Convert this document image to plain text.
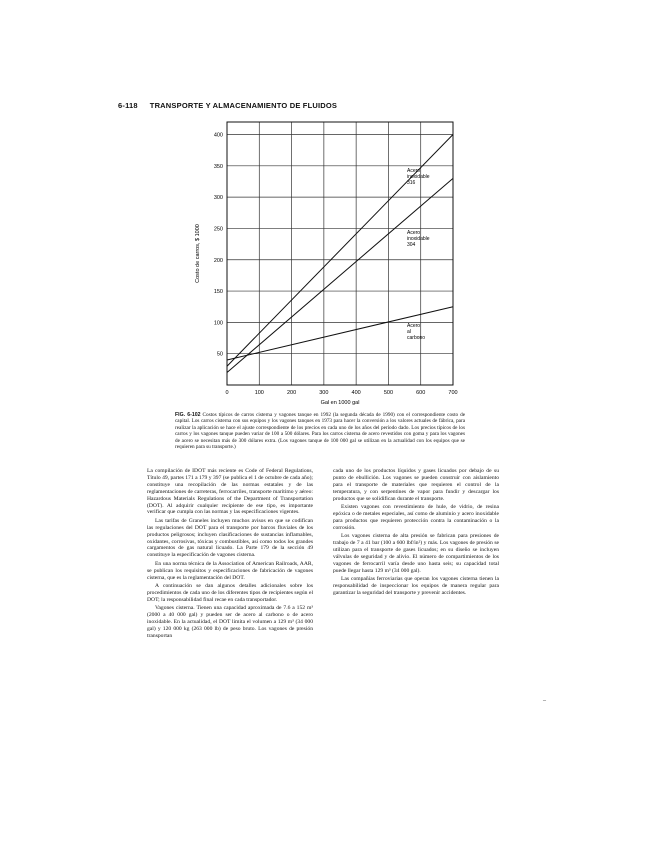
6-118 TRANSPORTE Y ALMACENAMIENTO DE FLUIDOS
0	100	200	300	400	500	600	700
50
100
150
200
250
300
350
400
Gal en 1000 gal
Costo de carros, $ 1000
Acero inoxidable 316
Acero inoxidable 304
Acero al carbono
FIG. 6-102 Costos típicos de carros cisterna y vagones tanque en 1992 (la segunda década de 1990) con el correspondiente costo de capital. Los carros cisterna con sus equipos y los vagones tanques en 1973 para hacer la conversión a los valores actuales de fábrica, para realizar la aplicación se hace el ajuste correspondiente de los precios en cada uno de los años del período dado. Los precios típicos de los carros y los vagones tanque pueden variar de 100 a 500 dólares. Para los carros cisterna de acero revestidos con goma y para los vagones de acero se necesitan más de 300 dólares extra. (Los vagones tanque de 100 000 gal se utilizan en la actualidad con los equipos que se requieren para su transporte.)

La compilación de IDOT más reciente es Code of Federal Regulations, Título 49, partes 171 a 179 y 397 (se publica el 1 de octubre de cada año); constituye una recopilación de las normas estatales y de las reglamentaciones de carreteras, ferrocarriles, transporte marítimo y aéreo: Hazardous Materials Regulations of the Department of Transportation (DOT). Al adquirir cualquier recipiente de ese tipo, es importante verificar que cumpla con las normas y las especificaciones vigentes.

Las tarifas de Graneles incluyen muchos avisos en que se codifican las regulaciones del DOT para el transporte por barcos fluviales de los productos peligrosos; incluyen clasificaciones de sustancias inflamables, oxidantes, corrosivas, tóxicas y combustibles, así como todos los grandes cargamentos de gas natural licuado. La Parte 179 de la sección 49 constituye la especificación de vagones cisterna.

En una norma técnica de la Association of American Railroads, AAR, se publican los requisitos y especificaciones de fabricación de vagones cisterna, que es la reglamentación del DOT.

A continuación se dan algunos detalles adicionales sobre los procedimientos de cada uno de los diferentes tipos de recipientes según el DOT; la responsabilidad final recae en cada transportador.

Vagones cisterna. Tienen una capacidad aproximada de 7.6 a 152 m³ (2000 a 40 000 gal) y pueden ser de acero al carbono o de acero inoxidable. En la actualidad, el DOT limita el volumen a 129 m³ (34 000 gal) y 120 000 kg (263 000 lb) de peso bruto. Los vagones de presión transportan

cada uno de los productos líquidos y gases licuados por debajo de su punto de ebullición. Los vagones se pueden construir con aislamiento para el transporte de materiales que requieren el control de la temperatura, y con serpentines de vapor para fundir y descargar los productos que se solidifican durante el transporte.

Existen vagones con revestimiento de hule, de vidrio, de resina epóxica o de metales especiales, así como de aluminio y acero inoxidable para productos que requieren protección contra la contaminación o la corrosión.

Los vagones cisterna de alta presión se fabrican para presiones de trabajo de 7 a 41 bar (100 a 600 lbf/in²) y más. Los vagones de presión se utilizan para el transporte de gases licuados; en su diseño se incluyen válvulas de seguridad y de alivio. El número de compartimientos de los vagones de ferrocarril varía desde uno hasta seis; su capacidad total puede llegar hasta 129 m³ (34 000 gal).

Las compañías ferroviarias que operan los vagones cisterna tienen la responsabilidad de inspeccionar los equipos de manera regular para garantizar la seguridad del transporte y prevenir accidentes.

–
